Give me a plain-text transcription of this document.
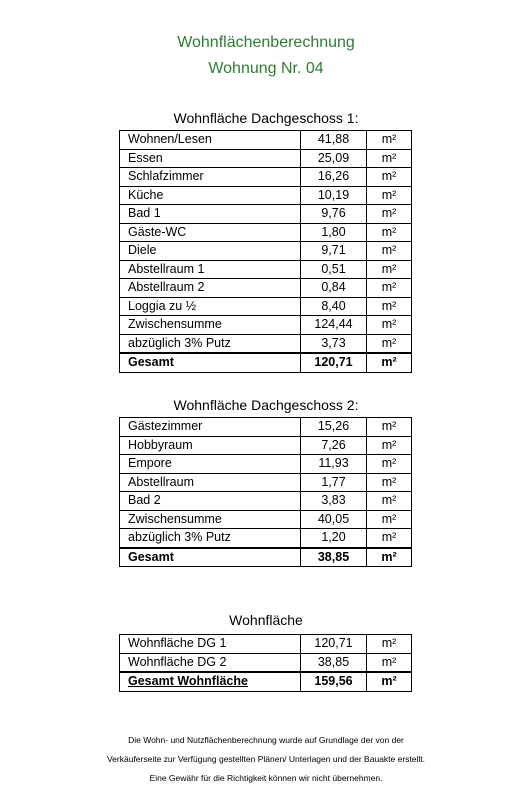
Wohnflächenberechnung
Wohnung Nr. 04
Wohnfläche Dachgeschoss 1:
Wohnen/Lesen	41,88	m²
Essen	25,09	m²
Schlafzimmer	16,26	m²
Küche	10,19	m²
Bad 1	9,76	m²
Gäste-WC	1,80	m²
Diele	9,71	m²
Abstellraum 1	0,51	m²
Abstellraum 2	0,84	m²
Loggia zu ½	8,40	m²
Zwischensumme	124,44	m²
abzüglich 3% Putz	3,73	m²
Gesamt	120,71	m²
Wohnfläche Dachgeschoss 2:
Gästezimmer	15,26	m²
Hobbyraum	7,26	m²
Empore	11,93	m²
Abstellraum	1,77	m²
Bad 2	3,83	m²
Zwischensumme	40,05	m²
abzüglich 3% Putz	1,20	m²
Gesamt	38,85	m²
Wohnfläche
Wohnfläche DG 1	120,71	m²
Wohnfläche DG 2	38,85	m²
Gesamt Wohnfläche	159,56	m²
Die Wohn- und Nutzflächenberechnung wurde auf Grundlage der von der
Verkäuferseite zur Verfügung gestellten Plänen/ Unterlagen und der Bauakte erstellt.
Eine Gewähr für die Richtigkeit können wir nicht übernehmen.
